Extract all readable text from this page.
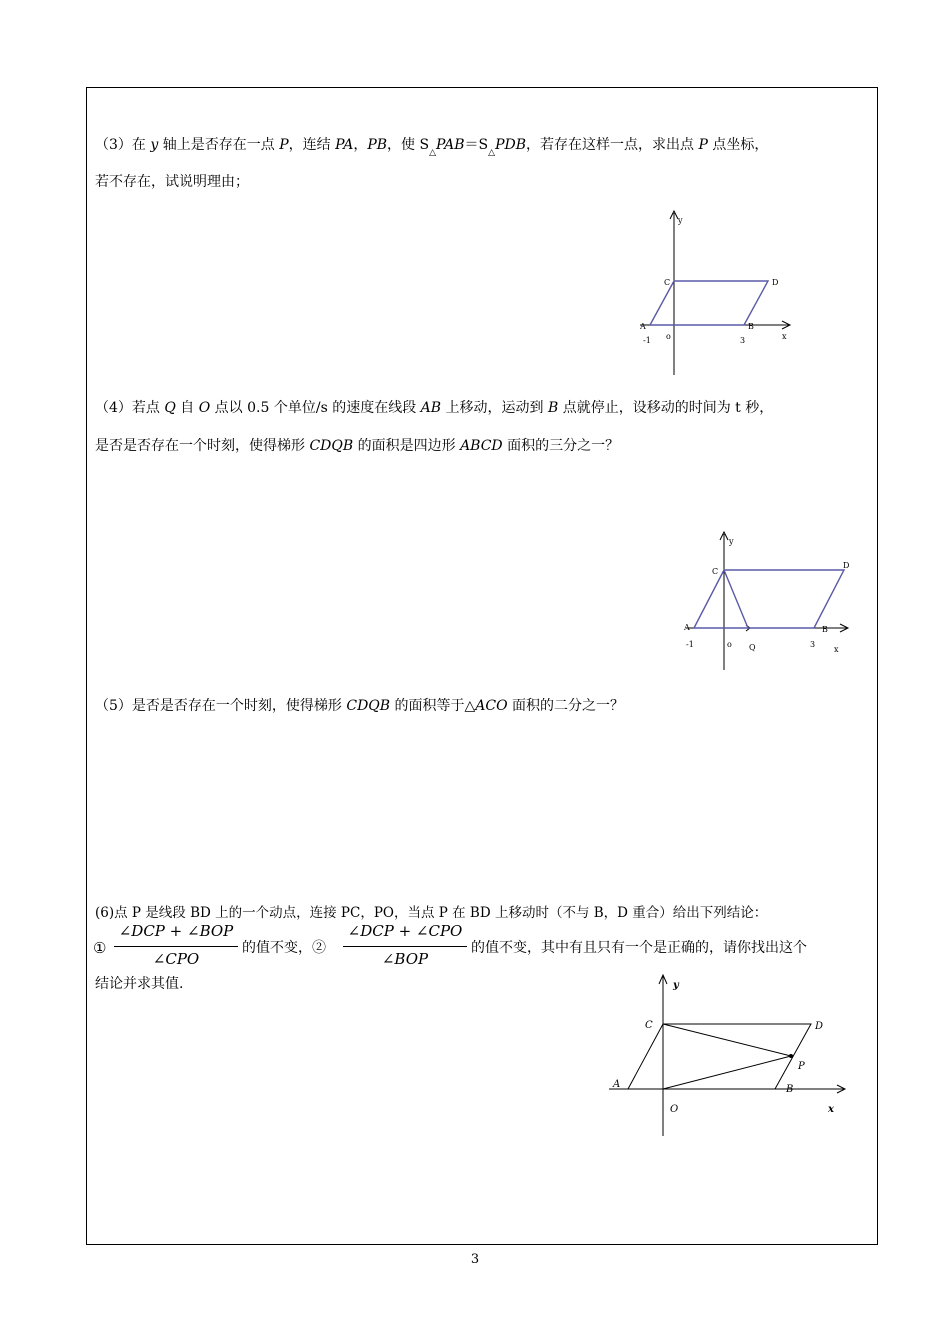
（3）在 y 轴上是否存在一点 P，连结 PA，PB，使 $S_\triangle PAB=S_\triangle PDB$，若存在这样一点，求出点 P 点坐标，
若不存在，试说明理由；
y
C	D
A	B
o
-1	3	x
（4）若点 Q 自 O 点以 0.5 个单位/s 的速度在线段 AB 上移动，运动到 B 点就停止，设移动的时间为 t 秒，
是否是否存在一个时刻，使得梯形 CDQB 的面积是四边形 ABCD 面积的三分之一？
y
C
D
A	B
o
-1	Q	3
x
（5）是否是否存在一个时刻，使得梯形 CDQB 的面积等于△ACO 面积的二分之一？
(6)点 P 是线段 BD 上的一个动点，连接 PC，PO，当点 P 在 BD 上移动时（不与 B，D 重合）给出下列结论：
①
∠DCP + ∠BOP
∠CPO
的值不变，②
∠DCP + ∠CPO
∠BOP
的值不变，其中有且只有一个是正确的，请你找出这个
结论并求其值.	y
C	D
P
A	B
O	x
3
